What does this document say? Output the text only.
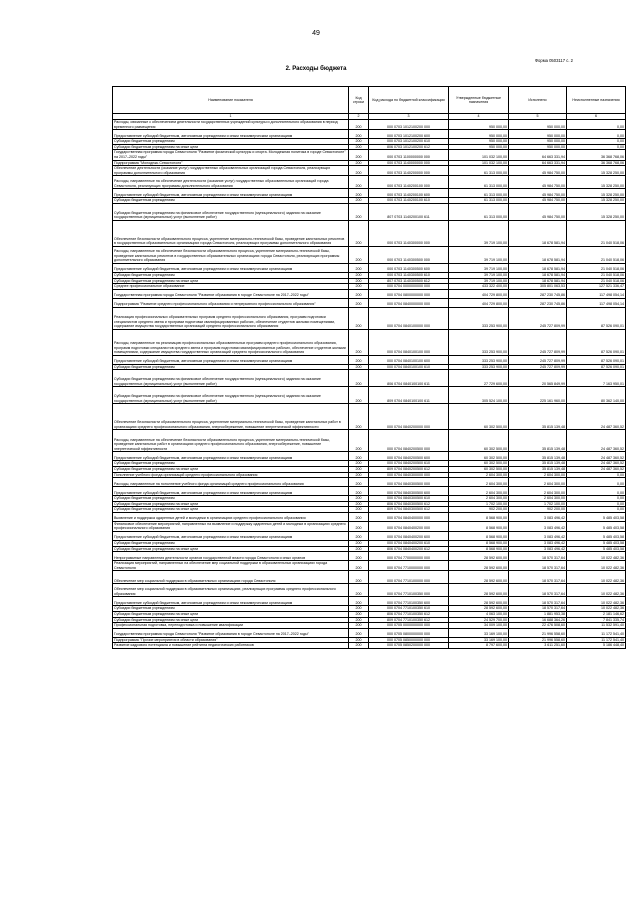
49
Форма 0503117 с. 2
2. Расходы бюджета
Наименование показателя	Код строки	Код расхода по бюджетной классификации	Утвержденные бюджетные назначения	Исполнено	Неисполненные назначения
1	2	3	4	5	6
Расходы, связанные с обеспечением деятельности государственных учреждений культуры и дополнительного образования в период временного размещения	200	000 0703 1012100200 000	950 000,00	950 000,00	0,00
Предоставление субсидий бюджетным, автономным учреждениям и иным некоммерческим организациям	200	000 0703 1012100200 600	950 000,00	950 000,00	0,00
Субсидии бюджетным учреждениям	200	000 0703 1012100200 610	950 000,00	950 000,00	0,00
Субсидии бюджетным учреждениям на иные цели	200	806 0703 1012100200 612	950 000,00	950 000,00	0,00
Государственная программа города Севастополя "Развитие физической культуры и спорта. Молодежная политика в городе Севастополе" на 2017–2022 годы"	200	000 0703 1100000000 000	101 032 100,00	64 663 331,94	36 368 768,06
Подпрограмма "Молодежь Севастополя"	200	000 0703 1140000000 000	101 032 100,00	64 663 331,94	36 368 768,06
Обеспечение деятельности (оказание услуг) государственных образовательных организаций города Севастополя, реализующих программы дополнительного образования	200	000 0703 1140200000 000	61 313 000,00	45 984 750,00	15 328 250,00
Расходы, направленные на обеспечение деятельности (оказание услуг) государственных образовательных организаций города Севастополя, реализующих программы дополнительного образования	200	000 0703 1140200100 000	61 313 000,00	45 984 750,00	15 328 250,00
Предоставление субсидий бюджетным, автономным учреждениям и иным некоммерческим организациям	200	000 0703 1140200100 600	61 313 000,00	45 984 750,00	15 328 250,00
Субсидии бюджетным учреждениям	200	000 0703 1140200100 610	61 313 000,00	45 984 750,00	15 328 250,00
Субсидии бюджетным учреждениям на финансовое обеспечение государственного (муниципального) задания на оказание государственных (муниципальных) услуг (выполнение работ)	200	807 0703 1140200100 611	61 313 000,00	45 984 750,00	15 328 250,00
Обеспечение безопасности образовательного процесса, укрепление материально-технической базы, проведение капитальных ремонтов в государственных образовательных организациях города Севастополя, реализующих программы дополнительного образования	200	000 0703 1140300000 000	39 719 100,00	18 678 581,94	21 040 518,06
Расходы, направленные на обеспечение безопасности образовательного процесса, укрепление материально-технической базы, проведение капитальных ремонтов в государственных образовательных организациях города Севастополя, реализующих программы дополнительного образования	200	000 0703 1140300500 000	39 719 100,00	18 678 581,94	21 040 518,06
Предоставление субсидий бюджетным, автономным учреждениям и иным некоммерческим организациям	200	000 0703 1140300500 600	39 719 100,00	18 678 581,94	21 040 518,06
Субсидии бюджетным учреждениям	200	000 0703 1140300500 610	39 719 100,00	18 678 581,94	21 040 518,06
Субсидии бюджетным учреждениям на иные цели	200	807 0703 1140300500 612	39 719 100,00	18 678 581,94	21 040 518,06
Среднее профессиональное образование	200	000 0704 0000000000 000	433 322 400,00	305 801 063,53	127 521 336,47
Государственная программа города Севастополя "Развитие образования в городе Севастополе на 2017–2022 годы"	200	000 0704 0800000000 000	404 729 800,00	287 230 745,86	117 498 054,14
Подпрограмма "Развитие среднего профессионального образования и непрерывного профессионального образования"	200	000 0704 0840000000 000	404 729 800,00	287 230 745,86	117 498 054,14
Реализация профессиональных образовательных программ среднего профессионального образования, программ подготовки специалистов среднего звена и программ подготовки квалифицированных рабочих, обеспечение студентов жилыми помещениями, содержание имущества государственных организаций среднего профессионального образования	200	000 0704 0840100000 000	333 253 900,00	245 727 809,99	87 526 090,01
Расходы, направленные на реализацию профессиональных образовательных программ среднего профессионального образования, программ подготовки специалистов среднего звена и программ подготовки квалифицированных рабочих, обеспечение студентов жилыми помещениями, содержание имущества государственных организаций среднего профессионального образования	200	000 0704 0840100100 000	333 253 900,00	245 727 809,99	87 526 090,01
Предоставление субсидий бюджетным, автономным учреждениям и иным некоммерческим организациям	200	000 0704 0840100100 600	333 253 900,00	245 727 809,99	87 526 090,01
Субсидии бюджетным учреждениям	200	000 0704 0840100100 610	333 253 900,00	245 727 809,99	87 526 090,01
Субсидии бюджетным учреждениям на финансовое обеспечение государственного (муниципального) задания на оказание государственных (муниципальных) услуг (выполнение работ)	200	806 0704 0840100100 611	27 729 600,00	20 565 849,99	7 163 950,01
Субсидии бюджетным учреждениям на финансовое обеспечение государственного (муниципального) задания на оказание государственных (муниципальных) услуг (выполнение работ)	200	809 0704 0840100100 611	305 524 100,00	225 161 960,00	80 362 140,00
Обеспечение безопасности образовательного процесса, укрепление материально-технической базы, проведение капитальных работ в организациях среднего профессионального образования, энергосбережение, повышение энергетической эффективности	200	000 0704 0840200000 000	60 302 500,00	35 815 139,48	24 487 360,52
Расходы, направленные на обеспечение безопасности образовательного процесса, укрепление материально-технической базы, проведение капитальных работ в организациях среднего профессионального образования, энергосбережение, повышение энергетической эффективности	200	000 0704 0840200500 000	60 302 500,00	35 815 139,48	24 487 360,52
Предоставление субсидий бюджетным, автономным учреждениям и иным некоммерческим организациям	200	000 0704 0840200500 600	60 302 500,00	35 815 139,48	24 487 360,52
Субсидии бюджетным учреждениям	200	000 0704 0840200500 610	60 302 500,00	35 815 139,48	24 487 360,52
Субсидии бюджетным учреждениям на иные цели	200	809 0704 0840200500 612	60 302 500,00	35 815 139,48	24 487 360,52
Пополнение учебного фонда организаций среднего профессионального образования	200	000 0704 0840300000 000	2 604 300,00	2 604 300,00	0,00
Расходы, направленные на пополнение учебного фонда организаций среднего профессионального образования	200	000 0704 0840300500 000	2 604 300,00	2 604 300,00	0,00
Предоставление субсидий бюджетным, автономным учреждениям и иным некоммерческим организациям	200	000 0704 0840300500 600	2 604 300,00	2 604 300,00	0,00
Субсидии бюджетным учреждениям	200	000 0704 0840300500 610	2 604 300,00	2 604 300,00	0,00
Субсидии бюджетным учреждениям на иные цели	200	806 0704 0840300500 612	1 702 100,00	1 702 100,00	0,00
Субсидии бюджетным учреждениям на иные цели	200	809 0704 0840300500 612	902 200,00	902 200,00	0,00
Выявление и поддержка одаренных детей и молодежи в организациях среднего профессионального образования	200	000 0704 0840400000 000	8 568 900,00	3 083 496,42	5 485 403,58
Финансовое обеспечение мероприятий, направленных на выявление и поддержку одаренных детей и молодежи в организациях среднего профессионального образования	200	000 0704 0840400200 000	8 568 900,00	3 083 496,42	5 485 403,58
Предоставление субсидий бюджетным, автономным учреждениям и иным некоммерческим организациям	200	000 0704 0840400200 600	8 568 900,00	3 083 496,42	5 485 403,58
Субсидии бюджетным учреждениям	200	000 0704 0840400200 610	8 568 900,00	3 083 496,42	5 485 403,58
Субсидии бюджетным учреждениям на иные цели	200	806 0704 0840400200 612	8 568 900,00	3 083 496,42	5 485 403,58
Непрограммные направления деятельности органов государственной власти города Севастополя и иных органов	200	000 0704 7700000000 000	28 592 600,00	18 570 317,64	10 022 482,36
Реализация мероприятий, направленных на обеспечение мер социальной поддержки в образовательных организациях города Севастополя	200	000 0704 7710000000 000	28 592 600,00	18 570 317,64	10 022 482,36
Обеспечение мер социальной поддержки в образовательных организациях города Севастополя	200	000 0704 7710100000 000	28 592 600,00	18 570 317,64	10 022 482,36
Обеспечение мер социальной поддержки в образовательных организациях, реализующих программы среднего профессионального образования	200	000 0704 7710100350 000	28 592 600,00	18 570 317,64	10 022 482,36
Предоставление субсидий бюджетным, автономным учреждениям и иным некоммерческим организациям	200	000 0704 7710100350 600	28 592 600,00	18 570 317,64	10 022 482,36
Субсидии бюджетным учреждениям	200	000 0704 7710100350 610	28 592 600,00	18 570 317,64	10 022 482,36
Субсидии бюджетным учреждениям на иные цели	200	806 0704 7710100350 612	4 063 100,00	1 881 953,38	2 181 146,62
Субсидии бюджетным учреждениям на иные цели	200	809 0704 7710100350 612	24 529 700,00	16 688 364,26	7 841 335,74
Профессиональная подготовка, переподготовка и повышение квалификации	200	000 0705 0000000000 000	34 009 100,00	22 476 508,60	11 532 591,40
Государственная программа города Севастополя "Развитие образования в городе Севастополе на 2017–2022 годы"	200	000 0705 0800000000 000	33 169 100,00	21 996 558,60	11 172 541,40
Подпрограмма "Прочие мероприятия в области образования"	200	000 0705 0850000000 000	33 169 100,00	21 996 558,60	11 172 541,40
Развитие кадрового потенциала и повышение рейтинга педагогических работников	200	000 0705 0850200000 000	8 797 600,00	3 611 251,60	5 186 448,40
